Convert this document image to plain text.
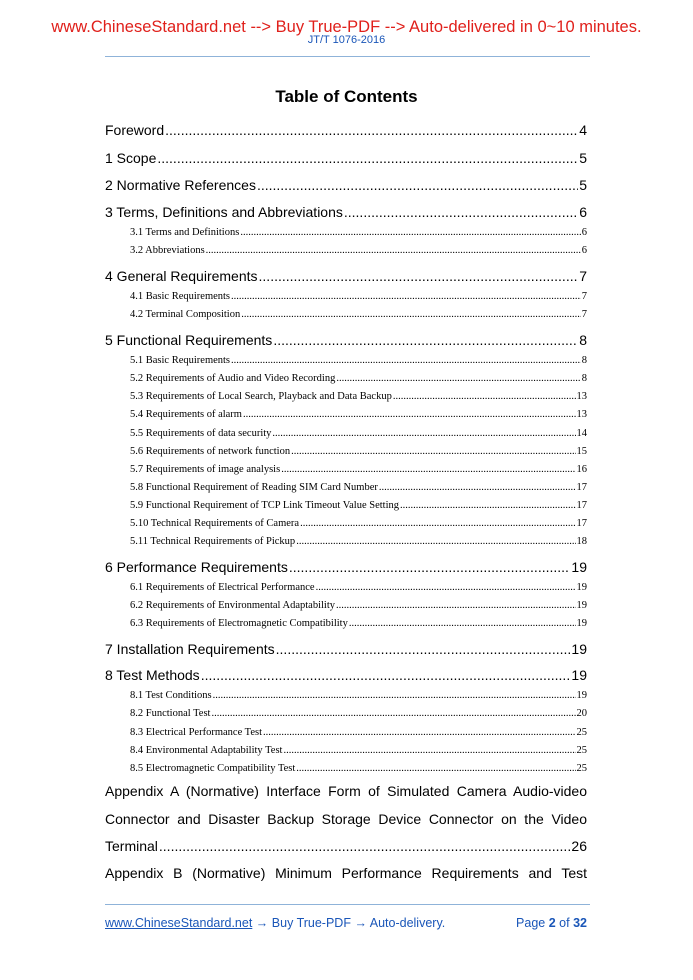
www.ChineseStandard.net --> Buy True-PDF --> Auto-delivered in 0~10 minutes.
JT/T 1076-2016
Table of Contents
Foreword .....	4
1 Scope .....	5
2 Normative References .....	5
3 Terms, Definitions and Abbreviations .....	6
3.1 Terms and Definitions .....	6
3.2 Abbreviations .....	6
4 General Requirements .....	7
4.1 Basic Requirements .....	7
4.2 Terminal Composition .....	7
5 Functional Requirements .....	8
5.1 Basic Requirements .....	8
5.2 Requirements of Audio and Video Recording .....	8
5.3 Requirements of Local Search, Playback and Data Backup .....	13
5.4 Requirements of alarm .....	13
5.5 Requirements of data security .....	14
5.6 Requirements of network function .....	15
5.7 Requirements of image analysis .....	16
5.8 Functional Requirement of Reading SIM Card Number .....	17
5.9 Functional Requirement of TCP Link Timeout Value Setting .....	17
5.10 Technical Requirements of Camera .....	17
5.11 Technical Requirements of Pickup .....	18
6 Performance Requirements .....	19
6.1 Requirements of Electrical Performance .....	19
6.2 Requirements of Environmental Adaptability .....	19
6.3 Requirements of Electromagnetic Compatibility .....	19
7 Installation Requirements .....	19
8 Test Methods .....	19
8.1 Test Conditions .....	19
8.2 Functional Test .....	20
8.3 Electrical Performance Test .....	25
8.4 Environmental Adaptability Test .....	25
8.5 Electromagnetic Compatibility Test .....	25
Appendix A (Normative) Interface Form of Simulated Camera Audio-video
Connector and Disaster Backup Storage Device Connector on the Video
Terminal .....	26
Appendix B (Normative) Minimum Performance Requirements and Test
www.ChineseStandard.net → Buy True-PDF → Auto-delivery.	Page 2 of 32
